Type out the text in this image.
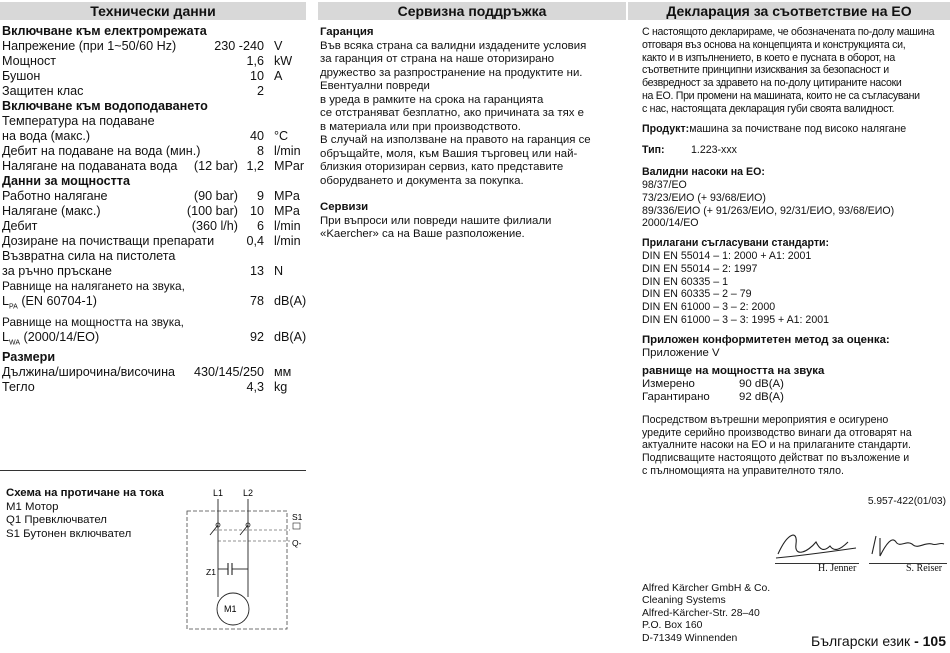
Технически данни	Сервизна поддръжка	Декларация за съответствие на ЕО
Включване към електромрежата
Напрежение (при 1~50/60 Hz)	230 -240 V
Мощност	1,6 kW
Бушон	10 A
Защитен клас	2
Включване към водоподаването
Температура на подаване
на вода (макс.)	40 °C
Дебит на подаване на вода (мин.)	8 l/min
Налягане на подаваната вода	(12 bar) 1,2 MPar
Данни за мощността
Работно налягане	(90 bar)	9 MPa
Налягане (макс.)	(100 bar) 10 MPa
Дебит	(360 l/h)	6 l/min
Дозиране на почистващи препарати	0,4 l/min
Възвратна сила на пистолета
за ръчно пръскане	13 N
Равнище на налягането на звука,
$L_{PA}$ (EN 60704-1)	78 dB(A)
Равнище на мощността на звука,
$L_{WA}$ (2000/14/EO)	92 dB(A)
Размери
Дължина/широчина/височина	430/145/250 мм
Тегло	4,3 kg
Схема на протичане на тока
M1 Мотор
Q1 Превключвател
S1 Бутонен включвател
L1 L2
S1
Q-
Z1
M1
Гаранция
Във всяка страна са валидни издадените условия
за гаранция от страна на наше оторизирано
дружество за разпространение на продуктите ни.
Евентуални повреди
в уреда в рамките на срока на гаранцията
се отстраняват безплатно, ако причината за тях е
в материала или при производството.
В случай на използване на правото на гаранция се
обръщайте, моля, към Вашия търговец или най-
близкия оторизиран сервиз, като представите
оборудването и документа за покупка.
Сервизи
При въпроси или повреди нашите филиали
«Kaercher» са на Ваше разположение.
С настоящото декларираме, че обозначената по-долу машина
отговаря въз основа на концепцията и конструкцията си,
както и в изпълнението, в което е пусната в оборот, на
съответните принципни изисквания за безопасност и
безвредност за здравето на по-долу цитираните насоки
на ЕО. При промени на машината, които не са съгласувани
с нас, настоящата декларация губи своята валидност.
Продукт:машина за почистване под високо налягане
Тип: 1.223-xxx
Валидни насоки на ЕО:
98/37/EO
73/23/ЕИО (+ 93/68/ЕИО)
89/336/ЕИО (+ 91/263/ЕИО, 92/31/ЕИО, 93/68/ЕИО)
2000/14/EO
Прилагани съгласувани стандарти:
DIN EN 55014 – 1: 2000 + A1: 2001
DIN EN 55014 – 2: 1997
DIN EN 60335 – 1
DIN EN 60335 – 2 – 79
DIN EN 61000 – 3 – 2: 2000
DIN EN 61000 – 3 – 3: 1995 + A1: 2001
Приложен конформитетен метод за оценка:
Приложение V
равнище на мощността на звука
Измерено	90 dB(A)
Гарантирано	92 dB(A)
Посредством вътрешни мероприятия е осигурено
уредите серийно производство винаги да отговарят на
актуалните насоки на ЕО и на прилаганите стандарти.
Подписващите настоящото действат по възложение и
с пълномощията на управителното тяло.
5.957-422(01/03)
H. Jenner	S. Reiser
Alfred Kärcher GmbH & Co.
Cleaning Systems
Alfred-Kärcher-Str. 28–40
P.O. Box 160
D-71349 Winnenden	Български език - 105
